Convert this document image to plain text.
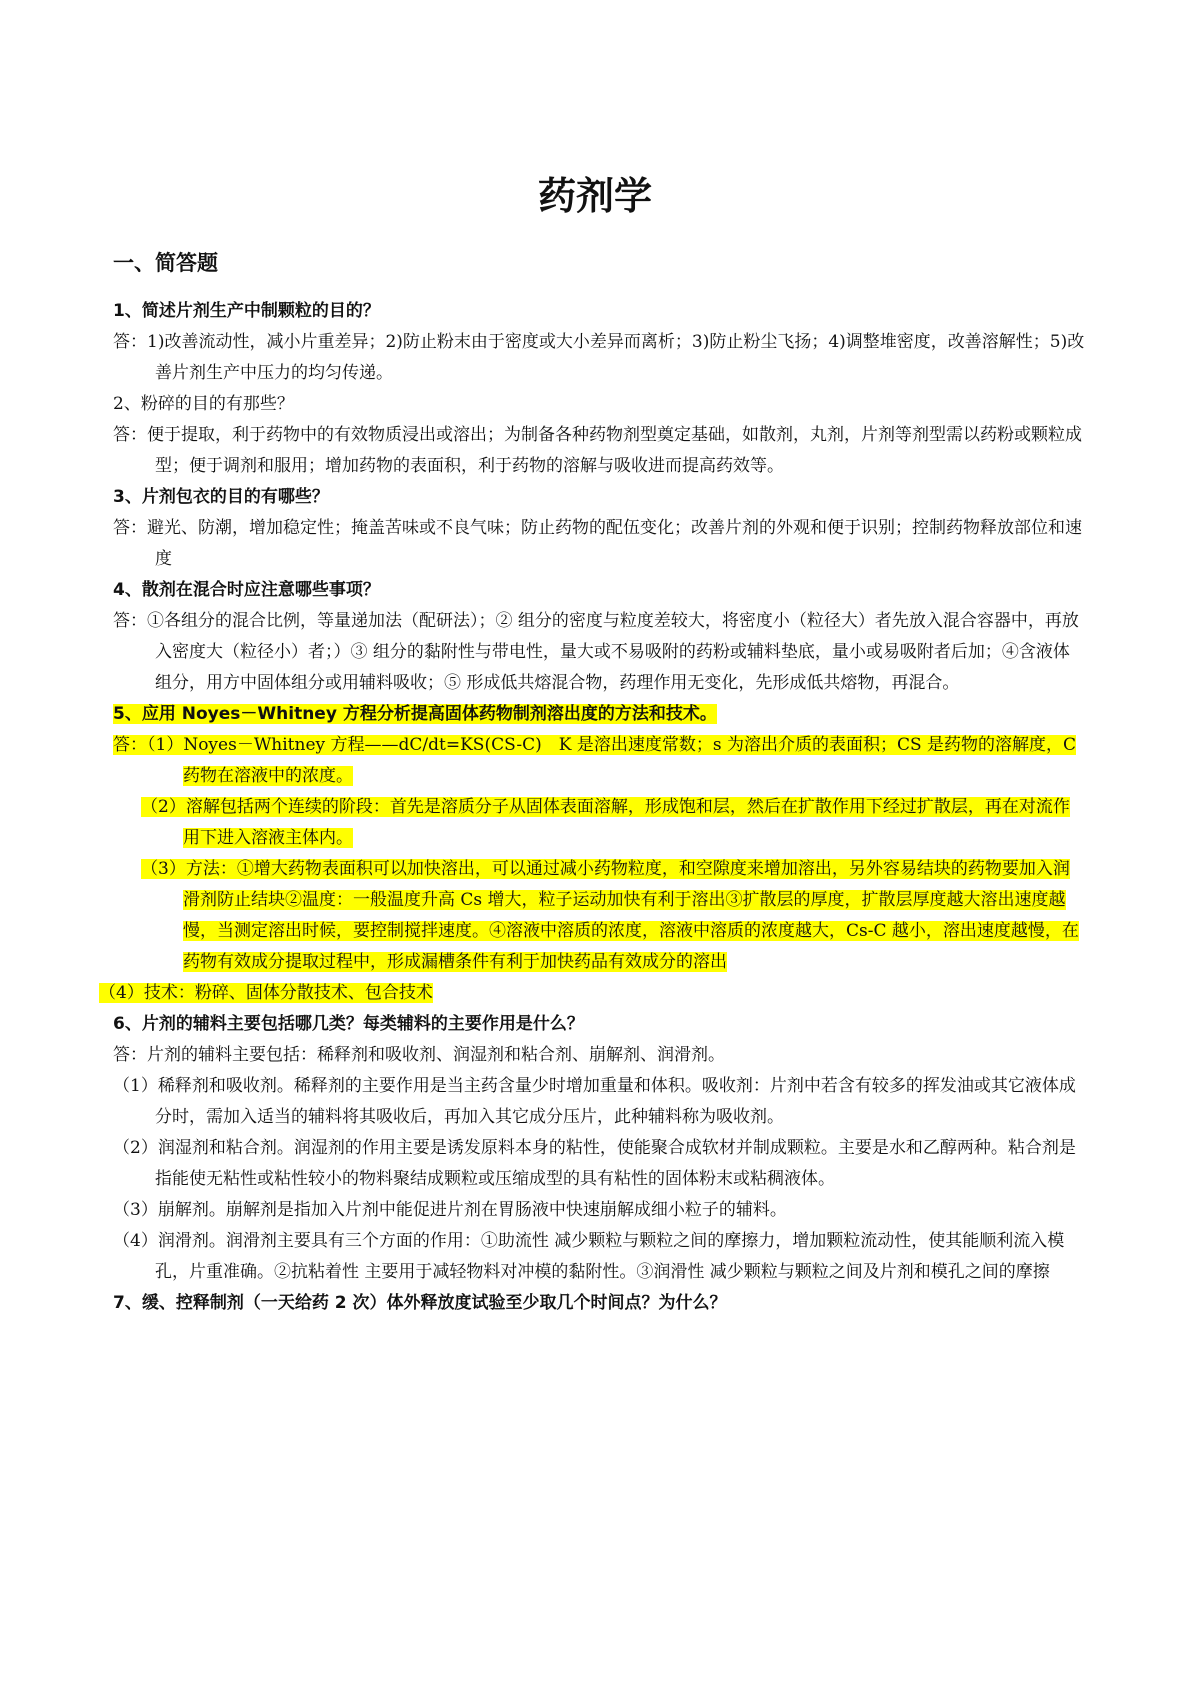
药剂学
一、简答题
1、简述片剂生产中制颗粒的目的？
答：1)改善流动性，减小片重差异；2)防止粉末由于密度或大小差异而离析；3)防止粉尘飞扬；4)调整堆密度，改善溶解性；5)改善片剂生产中压力的均匀传递。
2、粉碎的目的有那些？
答：便于提取，利于药物中的有效物质浸出或溶出；为制备各种药物剂型奠定基础，如散剂，丸剂，片剂等剂型需以药粉或颗粒成型；便于调剂和服用；增加药物的表面积，利于药物的溶解与吸收进而提高药效等。
3、片剂包衣的目的有哪些？
答：避光、防潮，增加稳定性；掩盖苦味或不良气味；防止药物的配伍变化；改善片剂的外观和便于识别；控制药物释放部位和速度
4、散剂在混合时应注意哪些事项？
答：①各组分的混合比例，等量递加法（配研法）；② 组分的密度与粒度差较大，将密度小（粒径大）者先放入混合容器中，再放入密度大（粒径小）者；）③ 组分的黏附性与带电性，量大或不易吸附的药粉或辅料垫底，量小或易吸附者后加；④含液体组分，用方中固体组分或用辅料吸收；⑤ 形成低共熔混合物，药理作用无变化，先形成低共熔物，再混合。
5、应用 Noyes－Whitney 方程分析提高固体药物制剂溶出度的方法和技术。
答：（1）Noyes－Whitney 方程——dC/dt=KS(CS-C)　K 是溶出速度常数；s 为溶出介质的表面积；CS 是药物的溶解度，C 药物在溶液中的浓度。
（2）溶解包括两个连续的阶段：首先是溶质分子从固体表面溶解，形成饱和层，然后在扩散作用下经过扩散层，再在对流作用下进入溶液主体内。
（3）方法：①增大药物表面积可以加快溶出，可以通过减小药物粒度，和空隙度来增加溶出，另外容易结块的药物要加入润滑剂防止结块②温度：一般温度升高 Cs 增大，粒子运动加快有利于溶出③扩散层的厚度，扩散层厚度越大溶出速度越慢，当测定溶出时候，要控制搅拌速度。④溶液中溶质的浓度，溶液中溶质的浓度越大，Cs-C 越小，溶出速度越慢，在药物有效成分提取过程中，形成漏槽条件有利于加快药品有效成分的溶出
（4）技术：粉碎、固体分散技术、包合技术
6、片剂的辅料主要包括哪几类？每类辅料的主要作用是什么？
答：片剂的辅料主要包括：稀释剂和吸收剂、润湿剂和粘合剂、崩解剂、润滑剂。
（1）稀释剂和吸收剂。稀释剂的主要作用是当主药含量少时增加重量和体积。吸收剂：片剂中若含有较多的挥发油或其它液体成分时，需加入适当的辅料将其吸收后，再加入其它成分压片，此种辅料称为吸收剂。
（2）润湿剂和粘合剂。润湿剂的作用主要是诱发原料本身的粘性，使能聚合成软材并制成颗粒。主要是水和乙醇两种。粘合剂是指能使无粘性或粘性较小的物料聚结成颗粒或压缩成型的具有粘性的固体粉末或粘稠液体。
（3）崩解剂。崩解剂是指加入片剂中能促进片剂在胃肠液中快速崩解成细小粒子的辅料。
（4）润滑剂。润滑剂主要具有三个方面的作用：①助流性 减少颗粒与颗粒之间的摩擦力，增加颗粒流动性，使其能顺利流入模孔，片重准确。②抗粘着性 主要用于减轻物料对冲模的黏附性。③润滑性 减少颗粒与颗粒之间及片剂和模孔之间的摩擦
7、缓、控释制剂（一天给药 2 次）体外释放度试验至少取几个时间点？为什么？
